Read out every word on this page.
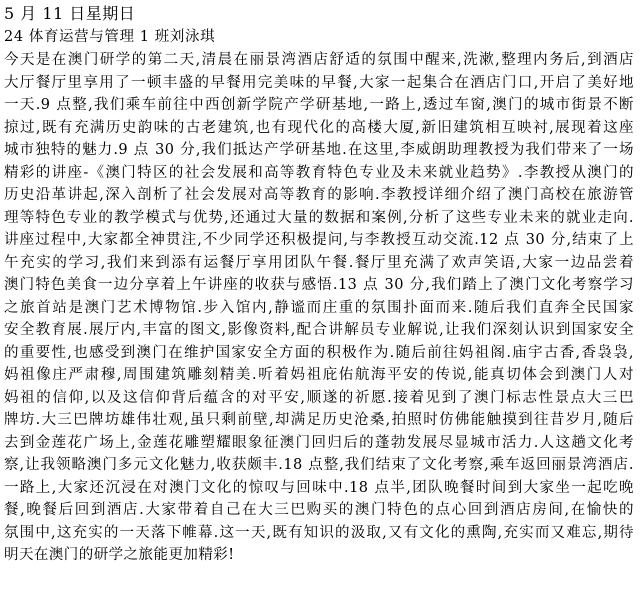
5 月 11 日星期日
24 体育运营与管理 1 班刘泳琪
今天是在澳门研学的第二天,清晨在丽景湾酒店舒适的氛围中醒来,洗漱,整理内务后,到酒店
大厅餐厅里享用了一顿丰盛的早餐用完美味的早餐,大家一起集合在酒店门口,开启了美好地
一天.9 点整,我们乘车前往中西创新学院产学研基地,一路上,透过车窗,澳门的城市街景不断
掠过,既有充满历史韵味的古老建筑,也有现代化的高楼大厦,新旧建筑相互映衬,展现着这座
城市独特的魅力.9 点 30 分,我们抵达产学研基地.在这里,李威朗助理教授为我们带来了一场
精彩的讲座-《澳门特区的社会发展和高等教育特色专业及未来就业趋势》.李教授从澳门的
历史沿革讲起,深入剖析了社会发展对高等教育的影响.李教授详细介绍了澳门高校在旅游管
理等特色专业的教学模式与优势,还通过大量的数据和案例,分析了这些专业未来的就业走向.
讲座过程中,大家都全神贯注,不少同学还积极提问,与李教授互动交流.12 点 30 分,结束了上
午充实的学习,我们来到添有运餐厅享用团队午餐.餐厅里充满了欢声笑语,大家一边品尝着
澳门特色美食一边分享着上午讲座的收获与感悟.13 点 30 分,我们踏上了澳门文化考察学习
之旅首站是澳门艺术博物馆.步入馆内,静谧而庄重的氛围扑面而来.随后我们直奔全民国家
安全教育展.展厅内,丰富的图文,影像资料,配合讲解员专业解说,让我们深刻认识到国家安全
的重要性,也感受到澳门在维护国家安全方面的积极作为.随后前往妈祖阁.庙宇古香,香袅袅,
妈祖像庄严肃穆,周围建筑雕刻精美.听着妈祖庇佑航海平安的传说,能真切体会到澳门人对
妈祖的信仰,以及这信仰背后蕴含的对平安,顺遂的祈愿.接着见到了澳门标志性景点大三巴
牌坊.大三巴牌坊雄伟壮观,虽只剩前壁,却满足历史沧桑,拍照时仿佛能触摸到往昔岁月,随后
去到金莲花广场上,金莲花雕塑耀眼象征澳门回归后的蓬勃发展尽显城市活力.人这趟文化考
察,让我领略澳门多元文化魅力,收获颇丰.18 点整,我们结束了文化考察,乘车返回丽景湾酒店.
一路上,大家还沉浸在对澳门文化的惊叹与回味中.18 点半,团队晚餐时间到大家坐一起吃晚
餐,晚餐后回到酒店.大家带着自己在大三巴购买的澳门特色的点心回到酒店房间,在愉快的
氛围中,这充实的一天落下帷幕.这一天,既有知识的汲取,又有文化的熏陶,充实而又难忘,期待
明天在澳门的研学之旅能更加精彩!
